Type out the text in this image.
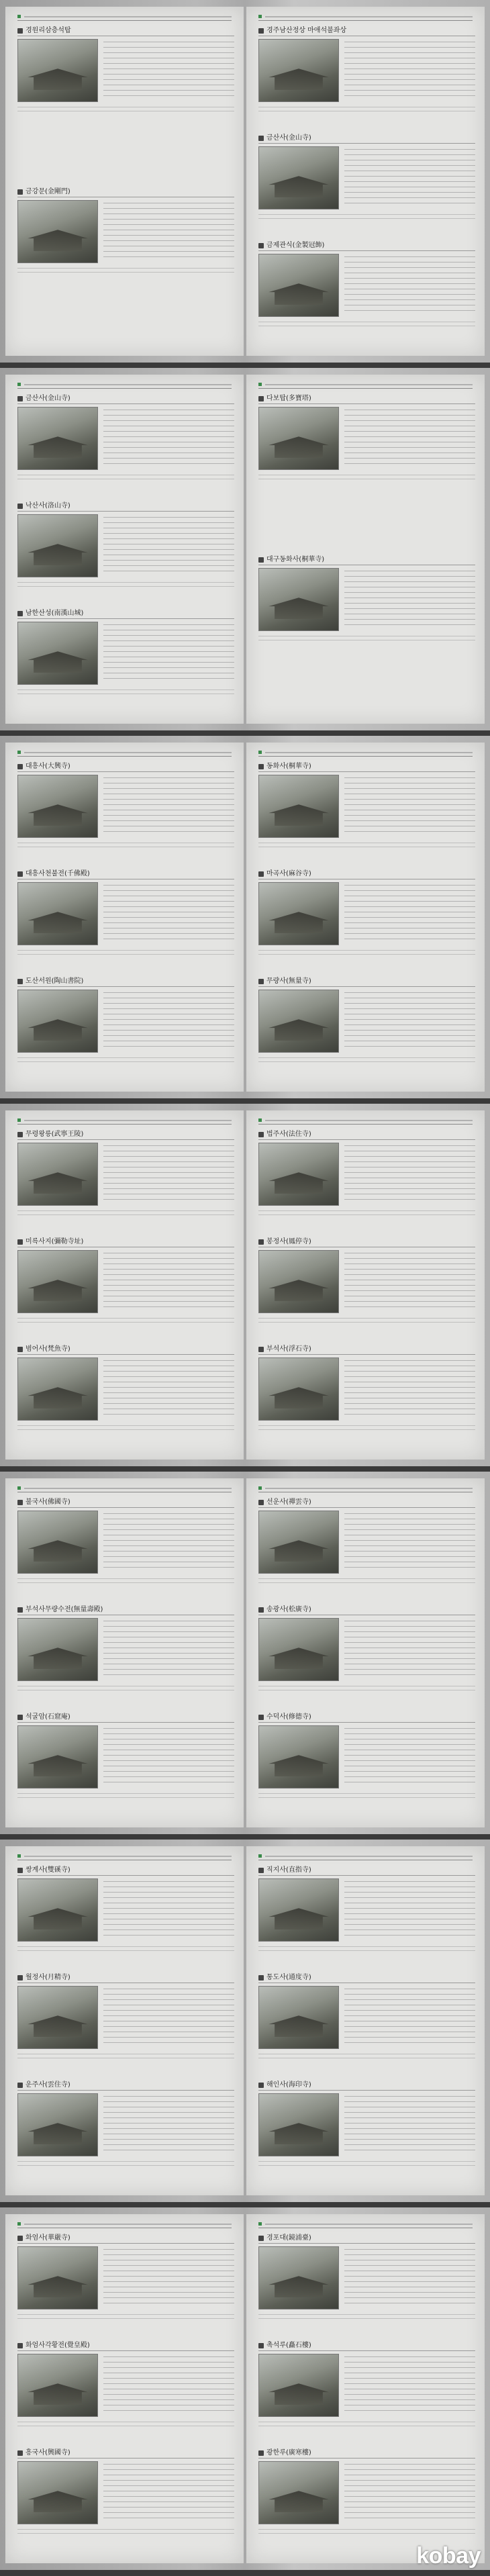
경원리삼층석탑
금강문(金剛門)
경주남산정상 마애석불좌상
금산사(金山寺)
금제관식(金製冠飾)
금산사(金山寺)
낙산사(洛山寺)
남한산성(南漢山城)
다보탑(多寶塔)
대구동화사(桐華寺)
대흥사(大興寺)
대흥사천불전(千佛殿)
도산서원(陶山書院)
동화사(桐華寺)
마곡사(麻谷寺)
무량사(無量寺)
무령왕릉(武寧王陵)
미륵사지(彌勒寺址)
범어사(梵魚寺)
법주사(法住寺)
봉정사(鳳停寺)
부석사(浮石寺)
불국사(佛國寺)
부석사무량수전(無量壽殿)
석굴암(石窟庵)
선운사(禪雲寺)
송광사(松廣寺)
수덕사(修德寺)
쌍계사(雙磎寺)
월정사(月精寺)
운주사(雲住寺)
직지사(直指寺)
통도사(通度寺)
해인사(海印寺)
화엄사(華嚴寺)
화엄사각황전(覺皇殿)
흥국사(興國寺)
경포대(鏡浦臺)
촉석루(矗石樓)
광한루(廣寒樓)
kobay
